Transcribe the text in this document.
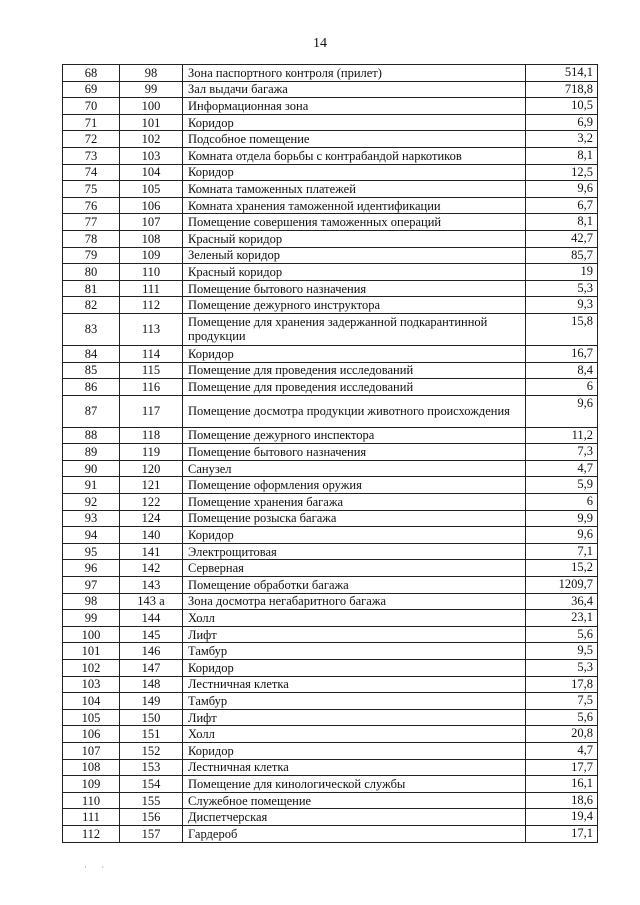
14
68	98	Зона паспортного контроля (прилет)	514,1
69	99	Зал выдачи багажа	718,8
70	100	Информационная зона	10,5
71	101	Коридор	6,9
72	102	Подсобное помещение	3,2
73	103	Комната отдела борьбы с контрабандой наркотиков	8,1
74	104	Коридор	12,5
75	105	Комната таможенных платежей	9,6
76	106	Комната хранения таможенной идентификации	6,7
77	107	Помещение совершения таможенных операций	8,1
78	108	Красный коридор	42,7
79	109	Зеленый коридор	85,7
80	110	Красный коридор	19
81	111	Помещение бытового назначения	5,3
82	112	Помещение дежурного инструктора	9,3
83	113	Помещение для хранения задержанной подкарантинной продукции	15,8
84	114	Коридор	16,7
85	115	Помещение для проведения исследований	8,4
86	116	Помещение для проведения исследований	6
87	117	Помещение досмотра продукции животного происхождения	9,6
88	118	Помещение дежурного инспектора	11,2
89	119	Помещение бытового назначения	7,3
90	120	Санузел	4,7
91	121	Помещение оформления оружия	5,9
92	122	Помещение хранения багажа	6
93	124	Помещение розыска багажа	9,9
94	140	Коридор	9,6
95	141	Электрощитовая	7,1
96	142	Серверная	15,2
97	143	Помещение обработки багажа	1209,7
98	143 а	Зона досмотра негабаритного багажа	36,4
99	144	Холл	23,1
100	145	Лифт	5,6
101	146	Тамбур	9,5
102	147	Коридор	5,3
103	148	Лестничная клетка	17,8
104	149	Тамбур	7,5
105	150	Лифт	5,6
106	151	Холл	20,8
107	152	Коридор	4,7
108	153	Лестничная клетка	17,7
109	154	Помещение для кинологической службы	16,1
110	155	Служебное помещение	18,6
111	156	Диспетчерская	19,4
112	157	Гардероб	17,1
· ·
